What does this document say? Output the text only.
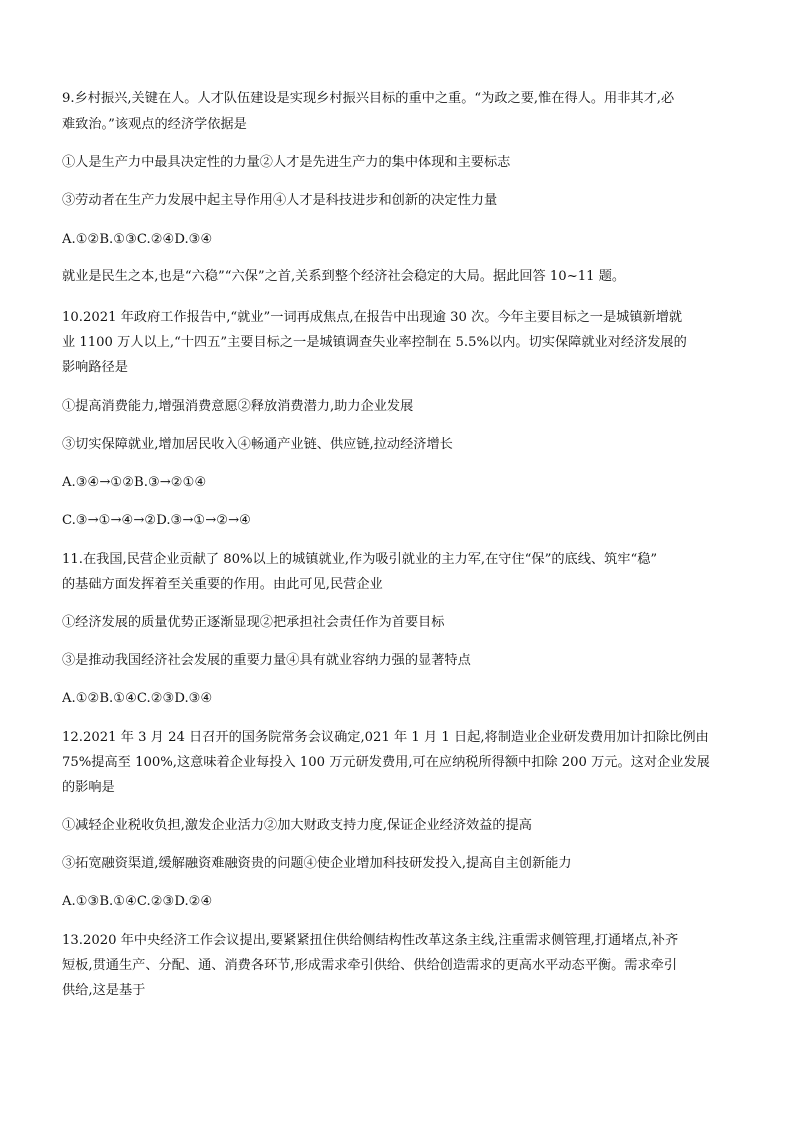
9.乡村振兴,关键在人。人才队伍建设是实现乡村振兴目标的重中之重。“为政之要,惟在得人。用非其才,必
难致治。”该观点的经济学依据是
①人是生产力中最具决定性的力量②人才是先进生产力的集中体现和主要标志
③劳动者在生产力发展中起主导作用④人才是科技进步和创新的决定性力量
A.①②B.①③C.②④D.③④
就业是民生之本,也是“六稳”“六保”之首,关系到整个经济社会稳定的大局。据此回答 10~11 题。
10.2021 年政府工作报告中,“就业”一词再成焦点,在报告中出现逾 30 次。今年主要目标之一是城镇新增就
业 1100 万人以上,“十四五”主要目标之一是城镇调查失业率控制在 5.5%以内。切实保障就业对经济发展的
影响路径是
①提高消费能力,增强消费意愿②释放消费潜力,助力企业发展
③切实保障就业,增加居民收入④畅通产业链、供应链,拉动经济增长
A.③④→①②B.③→②①④
C.③→①→④→②D.③→①→②→④
11.在我国,民营企业贡献了 80%以上的城镇就业,作为吸引就业的主力军,在守住“保”的底线、筑牢“稳”
的基础方面发挥着至关重要的作用。由此可见,民营企业
①经济发展的质量优势正逐渐显现②把承担社会责任作为首要目标
③是推动我国经济社会发展的重要力量④具有就业容纳力强的显著特点
A.①②B.①④C.②③D.③④
12.2021 年 3 月 24 日召开的国务院常务会议确定,021 年 1 月 1 日起,将制造业企业研发费用加计扣除比例由
75%提高至 100%,这意味着企业每投入 100 万元研发费用,可在应纳税所得额中扣除 200 万元。这对企业发展
的影响是
①减轻企业税收负担,激发企业活力②加大财政支持力度,保证企业经济效益的提高
③拓宽融资渠道,缓解融资难融资贵的问题④使企业增加科技研发投入,提高自主创新能力
A.①③B.①④C.②③D.②④
13.2020 年中央经济工作会议提出,要紧紧扭住供给侧结构性改革这条主线,注重需求侧管理,打通堵点,补齐
短板,贯通生产、分配、通、消费各环节,形成需求牵引供给、供给创造需求的更高水平动态平衡。需求牵引
供给,这是基于
